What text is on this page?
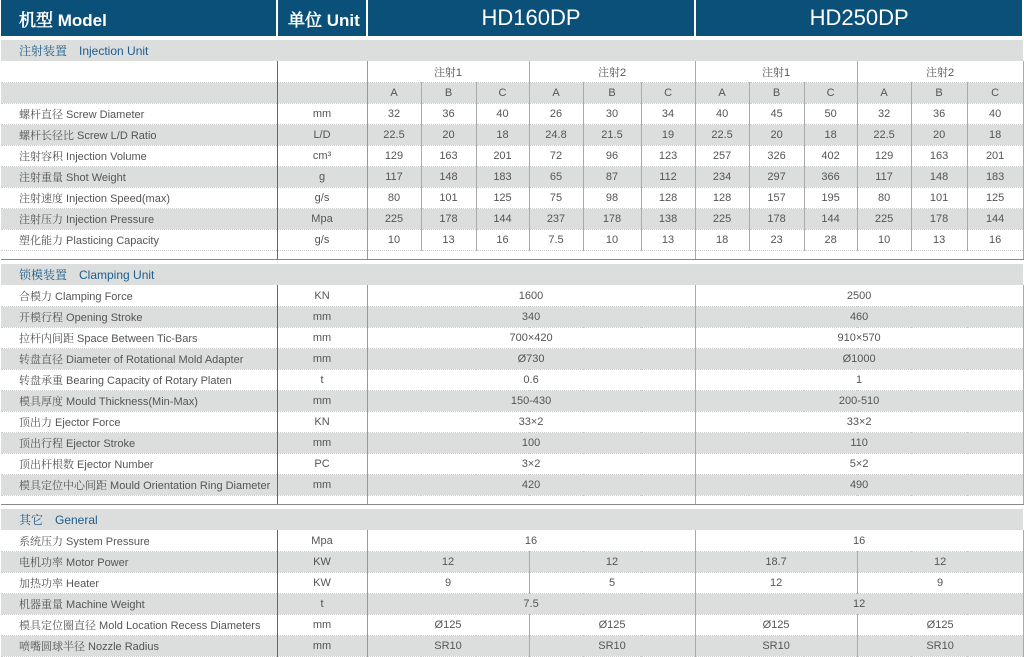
机型 Model	单位 Unit	HD160DP						HD250DP					

注射装置　Injection Unit													
		注射1			注射2			注射1			注射2		
		A	B	C	A	B	C	A	B	C	A	B	C
螺杆直径 Screw Diameter	mm	32	36	40	26	30	34	40	45	50	32	36	40
螺杆长径比 Screw L/D Ratio	L/D	22.5	20	18	24.8	21.5	19	22.5	20	18	22.5	20	18
注射容积 Injection Volume	cm³	129	163	201	72	96	123	257	326	402	129	163	201
注射重量 Shot Weight	g	117	148	183	65	87	112	234	297	366	117	148	183
注射速度 Injection Speed(max)	g/s	80	101	125	75	98	128	128	157	195	80	101	125
注射压力 Injection Pressure	Mpa	225	178	144	237	178	138	225	178	144	225	178	144
塑化能力 Plasticing Capacity	g/s	10	13	16	7.5	10	13	18	23	28	10	13	16

锁模装置　Clamping Unit													
合模力 Clamping Force	KN	1600						2500					
开模行程 Opening Stroke	mm	340						460					
拉杆内间距 Space Between Tic-Bars	mm	700×420						910×570					
转盘直径 Diameter of Rotational Mold Adapter	mm	Ø730						Ø1000					
转盘承重 Bearing Capacity of Rotary Platen	t	0.6						1					
模具厚度 Mould Thickness(Min-Max)	mm	150-430						200-510					
顶出力 Ejector Force	KN	33×2						33×2					
顶出行程 Ejector Stroke	mm	100						110					
顶出杆根数 Ejector Number	PC	3×2						5×2					
模具定位中心间距 Mould Orientation Ring Diameter	mm	420						490					

其它　General													
系统压力 System Pressure	Mpa	16						16					
电机功率 Motor Power	KW	12			12			18.7			12		
加热功率 Heater	KW	9			5			12			9		
机器重量 Machine Weight	t	7.5						12					
模具定位圈直径 Mold Location Recess Diameters	mm	Ø125			Ø125			Ø125			Ø125		
喷嘴圆球半径 Nozzle Radius	mm	SR10			SR10			SR10			SR10		
